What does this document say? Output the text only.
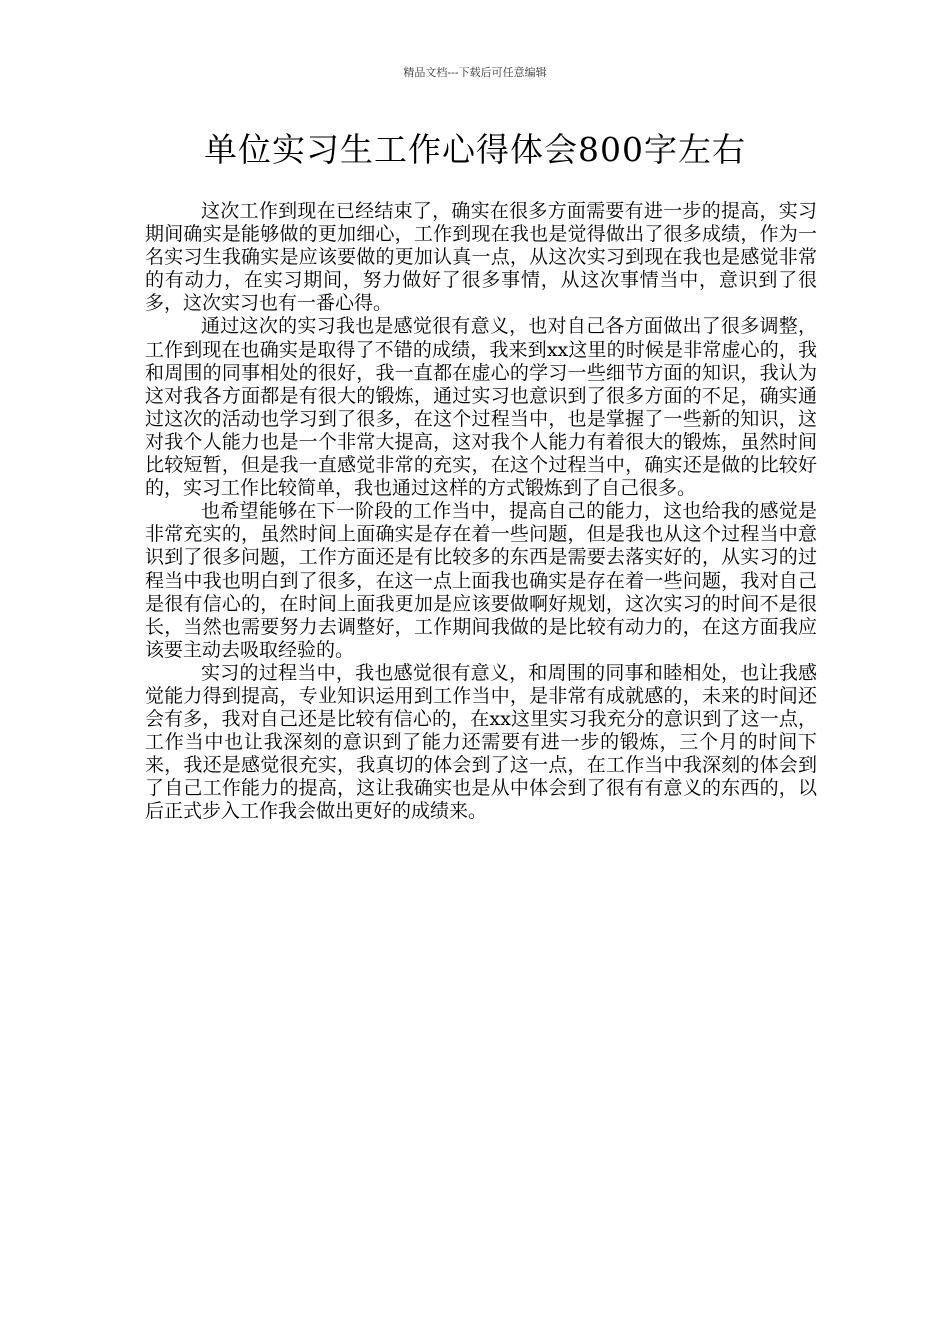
精品文档---下载后可任意编辑
单位实习生工作心得体会800字左右

这次工作到现在已经结束了，确实在很多方面需要有进一步的提高，实习期间确实是能够做的更加细心，工作到现在我也是觉得做出了很多成绩，作为一名实习生我确实是应该要做的更加认真一点，从这次实习到现在我也是感觉非常的有动力，在实习期间，努力做好了很多事情，从这次事情当中，意识到了很多，这次实习也有一番心得。

通过这次的实习我也是感觉很有意义，也对自己各方面做出了很多调整，工作到现在也确实是取得了不错的成绩，我来到xx这里的时候是非常虚心的，我和周围的同事相处的很好，我一直都在虚心的学习一些细节方面的知识，我认为这对我各方面都是有很大的锻炼，通过实习也意识到了很多方面的不足，确实通过这次的活动也学习到了很多，在这个过程当中，也是掌握了一些新的知识，这对我个人能力也是一个非常大提高，这对我个人能力有着很大的锻炼，虽然时间比较短暂，但是我一直感觉非常的充实，在这个过程当中，确实还是做的比较好的，实习工作比较简单，我也通过这样的方式锻炼到了自己很多。

也希望能够在下一阶段的工作当中，提高自己的能力，这也给我的感觉是非常充实的，虽然时间上面确实是存在着一些问题，但是我也从这个过程当中意识到了很多问题，工作方面还是有比较多的东西是需要去落实好的，从实习的过程当中我也明白到了很多，在这一点上面我也确实是存在着一些问题，我对自己是很有信心的，在时间上面我更加是应该要做啊好规划，这次实习的时间不是很长，当然也需要努力去调整好，工作期间我做的是比较有动力的，在这方面我应该要主动去吸取经验的。

实习的过程当中，我也感觉很有意义，和周围的同事和睦相处，也让我感觉能力得到提高，专业知识运用到工作当中，是非常有成就感的，未来的时间还会有多，我对自己还是比较有信心的，在xx这里实习我充分的意识到了这一点，工作当中也让我深刻的意识到了能力还需要有进一步的锻炼，三个月的时间下来，我还是感觉很充实，我真切的体会到了这一点，在工作当中我深刻的体会到了自己工作能力的提高，这让我确实也是从中体会到了很有有意义的东西的，以后正式步入工作我会做出更好的成绩来。
